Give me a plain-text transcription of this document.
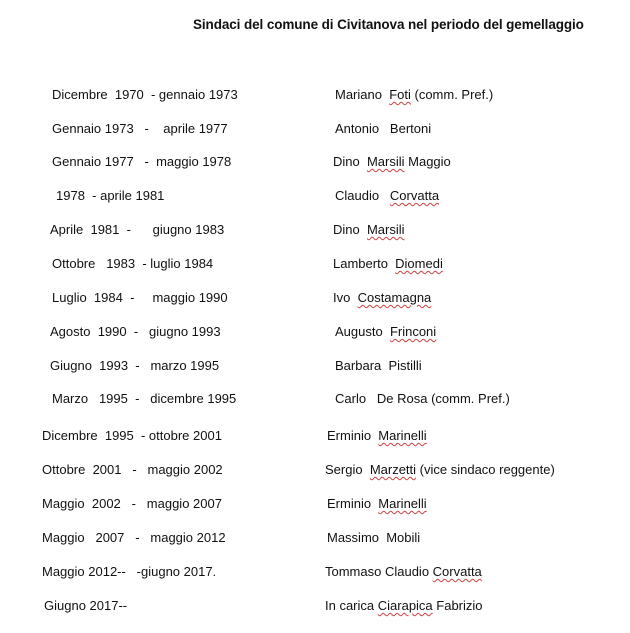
Sindaci del comune di Civitanova nel periodo del gemellaggio
Dicembre  1970  - gennaio 1973	Mariano  Foti (comm. Pref.)
Gennaio 1973   -    aprile 1977	Antonio   Bertoni
Gennaio 1977   -  maggio 1978	Dino  Marsili Maggio
1978  - aprile 1981	Claudio   Corvatta
Aprile  1981  -      giugno 1983	Dino  Marsili
Ottobre   1983  - luglio 1984	Lamberto  Diomedi
Luglio  1984  -     maggio 1990	Ivo  Costamagna
Agosto  1990  -   giugno 1993	Augusto  Frinconi
Giugno  1993  -   marzo 1995	Barbara  Pistilli
Marzo   1995  -   dicembre 1995	Carlo   De Rosa (comm. Pref.)
Dicembre  1995  - ottobre 2001	Erminio  Marinelli
Ottobre  2001   -   maggio 2002	Sergio  Marzetti (vice sindaco reggente)
Maggio  2002   -   maggio 2007	Erminio  Marinelli
Maggio   2007   -   maggio 2012	Massimo  Mobili
Maggio 2012--   -giugno 2017.	Tommaso Claudio Corvatta
Giugno 2017--	In carica Ciarapica Fabrizio
